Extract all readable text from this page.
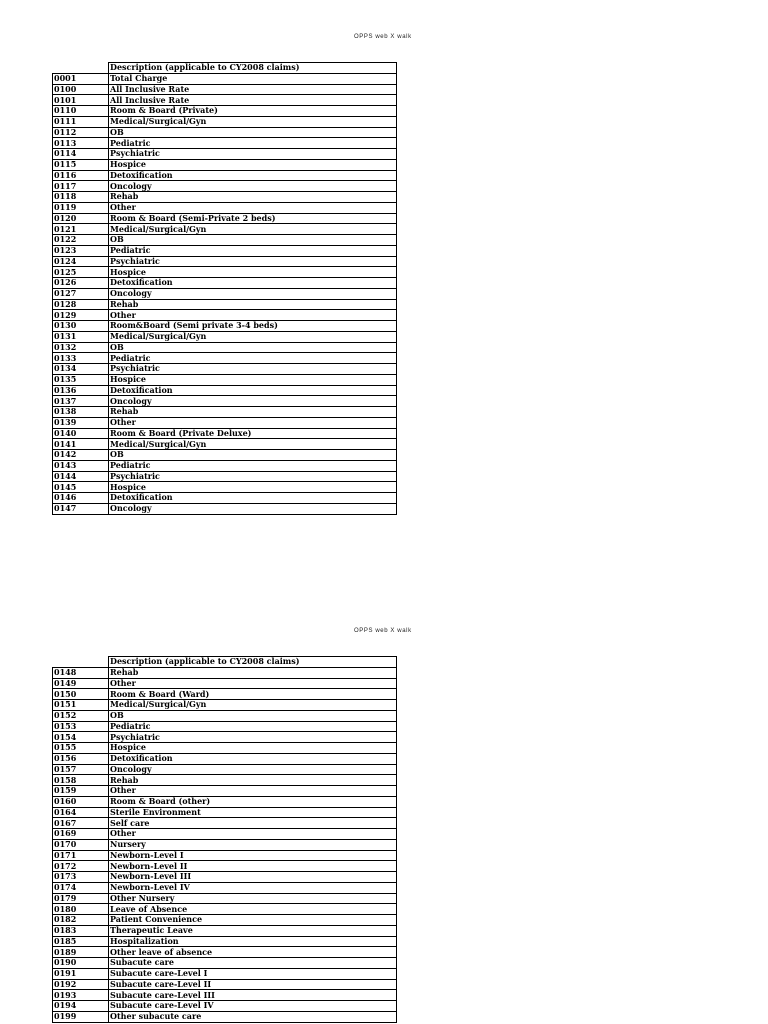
OPPS web X walk
	Description (applicable to CY2008 claims)
0001	Total Charge
0100	All Inclusive Rate
0101	All Inclusive Rate
0110	Room & Board (Private)
0111	Medical/Surgical/Gyn
0112	OB
0113	Pediatric
0114	Psychiatric
0115	Hospice
0116	Detoxification
0117	Oncology
0118	Rehab
0119	Other
0120	Room & Board (Semi-Private 2 beds)
0121	Medical/Surgical/Gyn
0122	OB
0123	Pediatric
0124	Psychiatric
0125	Hospice
0126	Detoxification
0127	Oncology
0128	Rehab
0129	Other
0130	Room&Board (Semi private 3-4 beds)
0131	Medical/Surgical/Gyn
0132	OB
0133	Pediatric
0134	Psychiatric
0135	Hospice
0136	Detoxification
0137	Oncology
0138	Rehab
0139	Other
0140	Room & Board (Private Deluxe)
0141	Medical/Surgical/Gyn
0142	OB
0143	Pediatric
0144	Psychiatric
0145	Hospice
0146	Detoxification
0147	Oncology
OPPS web X walk
	Description (applicable to CY2008 claims)
0148	Rehab
0149	Other
0150	Room & Board (Ward)
0151	Medical/Surgical/Gyn
0152	OB
0153	Pediatric
0154	Psychiatric
0155	Hospice
0156	Detoxification
0157	Oncology
0158	Rehab
0159	Other
0160	Room & Board (other)
0164	Sterile Environment
0167	Self care
0169	Other
0170	Nursery
0171	Newborn-Level I
0172	Newborn-Level II
0173	Newborn-Level III
0174	Newborn-Level IV
0179	Other Nursery
0180	Leave of Absence
0182	Patient Convenience
0183	Therapeutic Leave
0185	Hospitalization
0189	Other leave of absence
0190	Subacute care
0191	Subacute care-Level I
0192	Subacute care-Level II
0193	Subacute care-Level III
0194	Subacute care-Level IV
0199	Other subacute care
